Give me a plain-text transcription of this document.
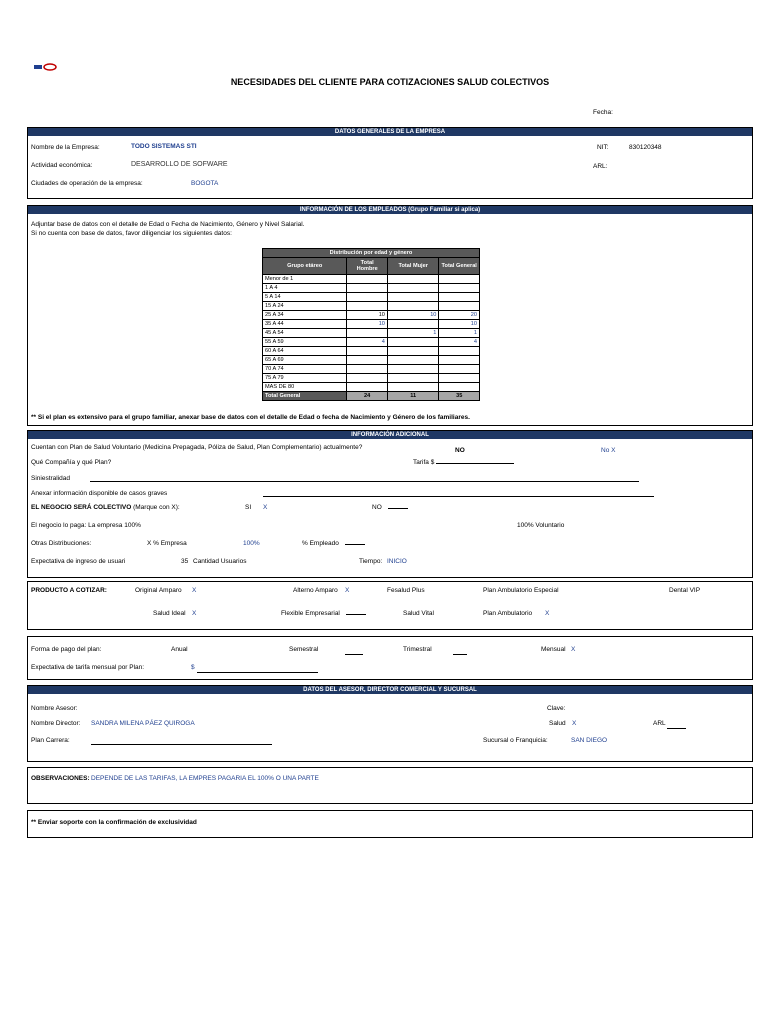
NECESIDADES DEL CLIENTE PARA COTIZACIONES SALUD COLECTIVOS
Fecha:
DATOS GENERALES DE LA EMPRESA
Nombre de la Empresa:	TODO SISTEMAS STI	NIT:	830120348
Actividad económica:	DESARROLLO DE SOFWARE	ARL:
Ciudades de operación de la empresa:	BOGOTA
INFORMACIÓN DE LOS EMPLEADOS (Grupo Familiar si aplica)
Adjuntar base de datos con el detalle de Edad o Fecha de Nacimiento, Género y Nivel Salarial.
Si no cuenta con base de datos, favor diligenciar los siguientes datos:
Distribución por edad y género			
Grupo etáreo	Total Hombre	Total Mujer	Total General
Menor de 1			
1 A 4			
5 A 14			
15 A 24			
25 A 34	10	10	20
35 A 44	10		10
45 A 54		1	1
55 A 59	4		4
60 A 64			
65 A 69			
70 A 74			
75 A 79			
MAS DE 80			
Total General	24	11	35
** Si el plan es extensivo para el grupo familiar, anexar base de datos con el detalle de Edad o fecha de Nacimiento y Género de los familiares.
INFORMACIÓN ADICIONAL
Cuentan con Plan de Salud Voluntario (Medicina Prepagada, Póliza de Salud, Plan Complementario) actualmente?	NO	No X
Qué Compañía y qué Plan?	Tarifa $
Siniestralidad
Anexar información disponible de casos graves
EL NEGOCIO SERÁ COLECTIVO (Marque con X):	SI X	NO
El negocio lo paga: La empresa 100%	100% Voluntario
Otras Distribuciones:	X % Empresa	100%	% Empleado
Expectativa de ingreso de usuari	35 Cantidad Usuarios	Tiempo: INICIO
PRODUCTO A COTIZAR:	Original Amparo X	Alterno Amparo X	Fesalud Plus	Plan Ambulatorio Especial	Dental VIP
Salud Ideal X	Flexible Empresarial	Salud Vital	Plan Ambulatorio X
Forma de pago del plan:	Anual	Semestral	Trimestral	Mensual X
Expectativa de tarifa mensual por Plan:	$
DATOS DEL ASESOR, DIRECTOR COMERCIAL Y SUCURSAL
Nombre Asesor:	Clave:
Nombre Director: SANDRA MILENA PÁEZ QUIROGA	Salud X	ARL
Plan Carrera:	Sucursal o Franquicia:	SAN DIEGO
OBSERVACIONES: DEPENDE DE LAS TARIFAS, LA EMPRES PAGARIA EL 100% O UNA PARTE
** Enviar soporte con la confirmación de exclusividad
